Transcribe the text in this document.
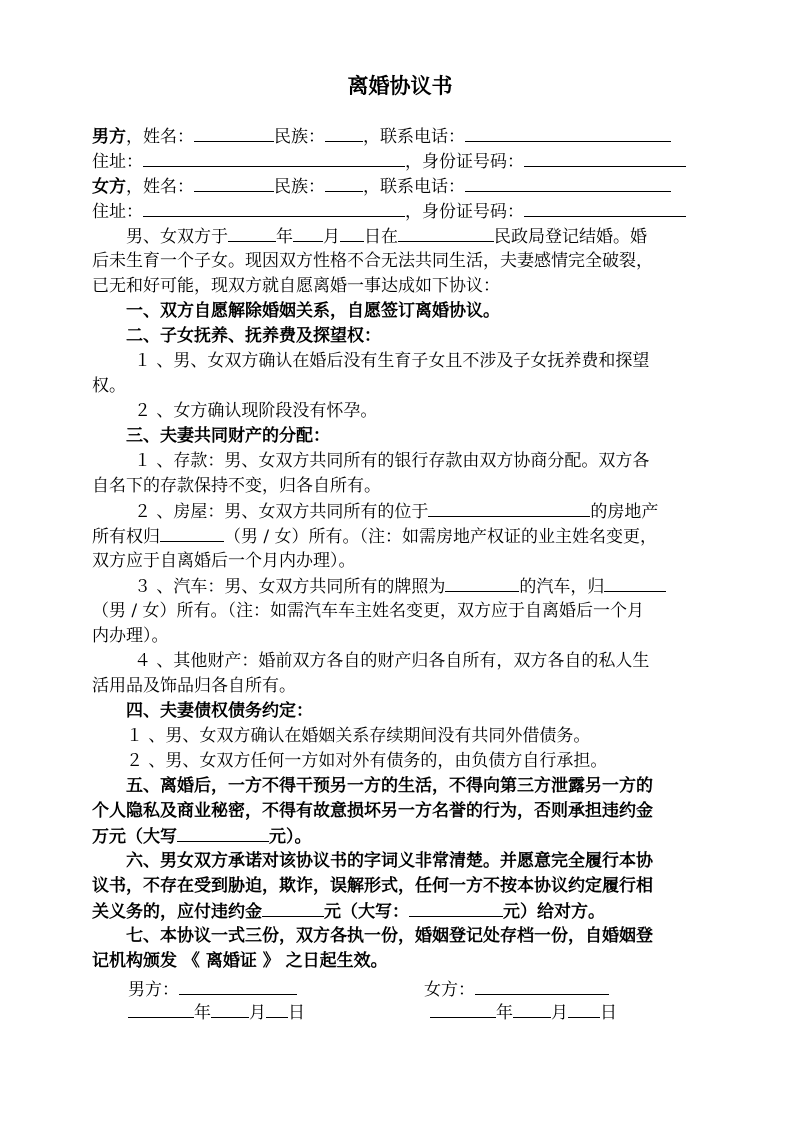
离婚协议书
男方，姓名：	民族： ，联系电话：
住址：	，身份证号码：
女方，姓名：	民族： ，联系电话：
住址：	，身份证号码：
男、女双方于	年 月 日在	民政局登记结婚。婚
后未生育一个子女。现因双方性格不合无法共同生活，夫妻感情完全破裂，
已无和好可能，现双方就自愿离婚一事达成如下协议：
一、双方自愿解除婚姻关系，自愿签订离婚协议。
二、子女抚养、抚养费及探望权：
１ 、男、女双方确认在婚后没有生育子女且不涉及子女抚养费和探望
权。
２ 、女方确认现阶段没有怀孕。
三、夫妻共同财产的分配：
１ 、存款：男、女双方共同所有的银行存款由双方协商分配。双方各
自名下的存款保持不变，归各自所有。
２ 、房屋：男、女双方共同所有的位于	的房地产
所有权归	（男 / 女）所有。（注：如需房地产权证的业主姓名变更，
双方应于自离婚后一个月内办理）。
３ 、汽车：男、女双方共同所有的牌照为	的汽车，归
（男 / 女）所有。（注：如需汽车车主姓名变更，双方应于自离婚后一个月
内办理）。
４ 、其他财产：婚前双方各自的财产归各自所有，双方各自的私人生
活用品及饰品归各自所有。
四、夫妻债权债务约定：
１ 、男、女双方确认在婚姻关系存续期间没有共同外借债务。
２ 、男、女双方任何一方如对外有债务的，由负债方自行承担。
五、离婚后，一方不得干预另一方的生活，不得向第三方泄露另一方的
个人隐私及商业秘密，不得有故意损坏另一方名誉的行为，否则承担违约金
万元（大写	元）。
六、男女双方承诺对该协议书的字词义非常清楚。并愿意完全履行本协
议书，不存在受到胁迫，欺诈，误解形式，任何一方不按本协议约定履行相
关义务的，应付违约金	元（大写：	元）给对方。
七、本协议一式三份，双方各执一份，婚姻登记处存档一份，自婚姻登
记机构颁发 《 离婚证 》 之日起生效。
男方：	女方：
年 月 日	年 月 日
